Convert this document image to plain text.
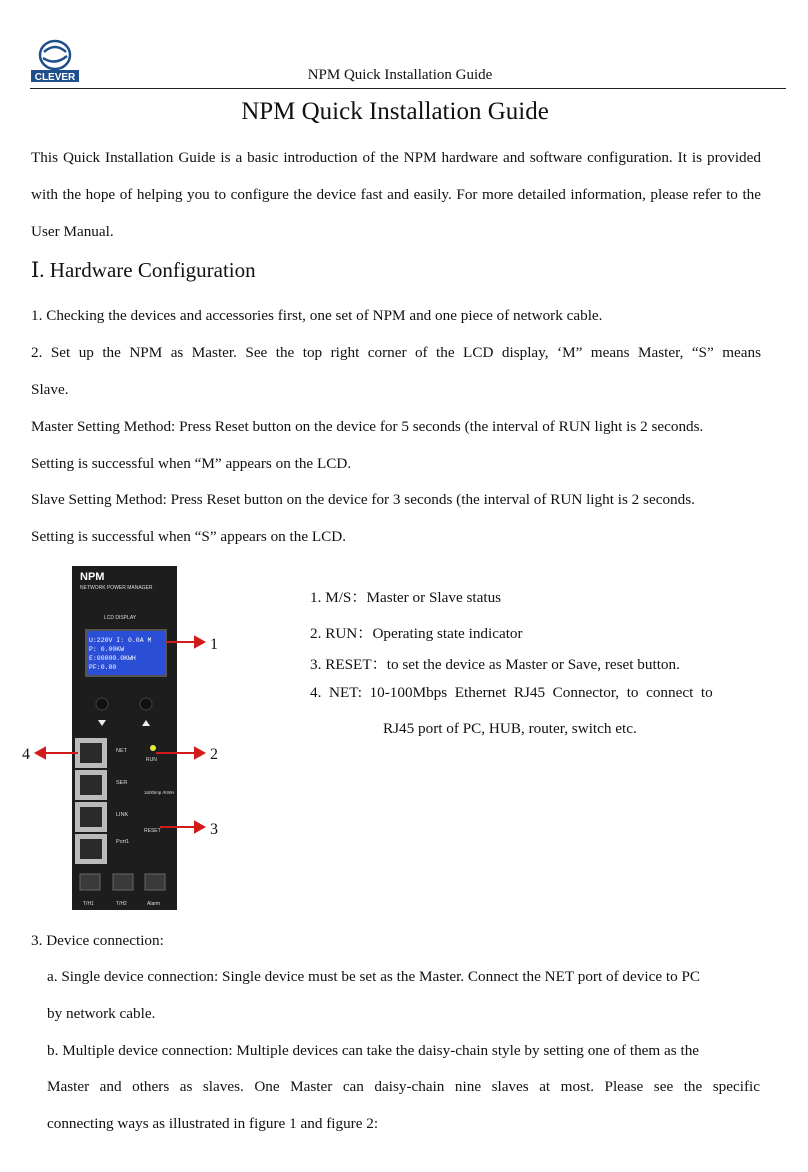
CLEVER	NPM Quick Installation Guide
NPM Quick Installation Guide
This Quick Installation Guide is a basic introduction of the NPM hardware and software configuration. It is provided with the hope of helping you to configure the device fast and easily. For more detailed information, please refer to the User Manual.
Ⅰ. Hardware Configuration
1. Checking the devices and accessories first, one set of NPM and one piece of network cable.
2. Set up the NPM as Master. See the top right corner of the LCD display, ‘M” means Master, “S” means
Slave.
Master Setting Method: Press Reset button on the device for 5 seconds (the interval of RUN light is 2 seconds.
Setting is successful when “M” appears on the LCD.
Slave Setting Method: Press Reset button on the device for 3 seconds (the interval of RUN light is 2 seconds.
Setting is successful when “S” appears on the LCD.
NPM
NETWORK POWER MANAGER
LCD DISPLAY
U:220V I: 0.0A M
P: 0.00KW
E:00000.0KWH
PF:0.00
NET
SER
LINK
Port1
RUN
1600imp /KWH
RESET
T/H1	T/H2	Alarm
1
2
3
4
1. M/S：Master or Slave status
2. RUN：Operating state indicator
3. RESET：to set the device as Master or Save, reset button.
4.  NET:  10-100Mbps  Ethernet  RJ45  Connector,  to  connect  to
RJ45 port of PC, HUB, router, switch etc.
3. Device connection:
a. Single device connection: Single device must be set as the Master. Connect the NET port of device to PC
by network cable.
b. Multiple device connection: Multiple devices can take the daisy-chain style by setting one of them as the
Master and others as slaves. One Master can daisy-chain nine slaves at most. Please see the specific
connecting ways as illustrated in figure 1 and figure 2:
